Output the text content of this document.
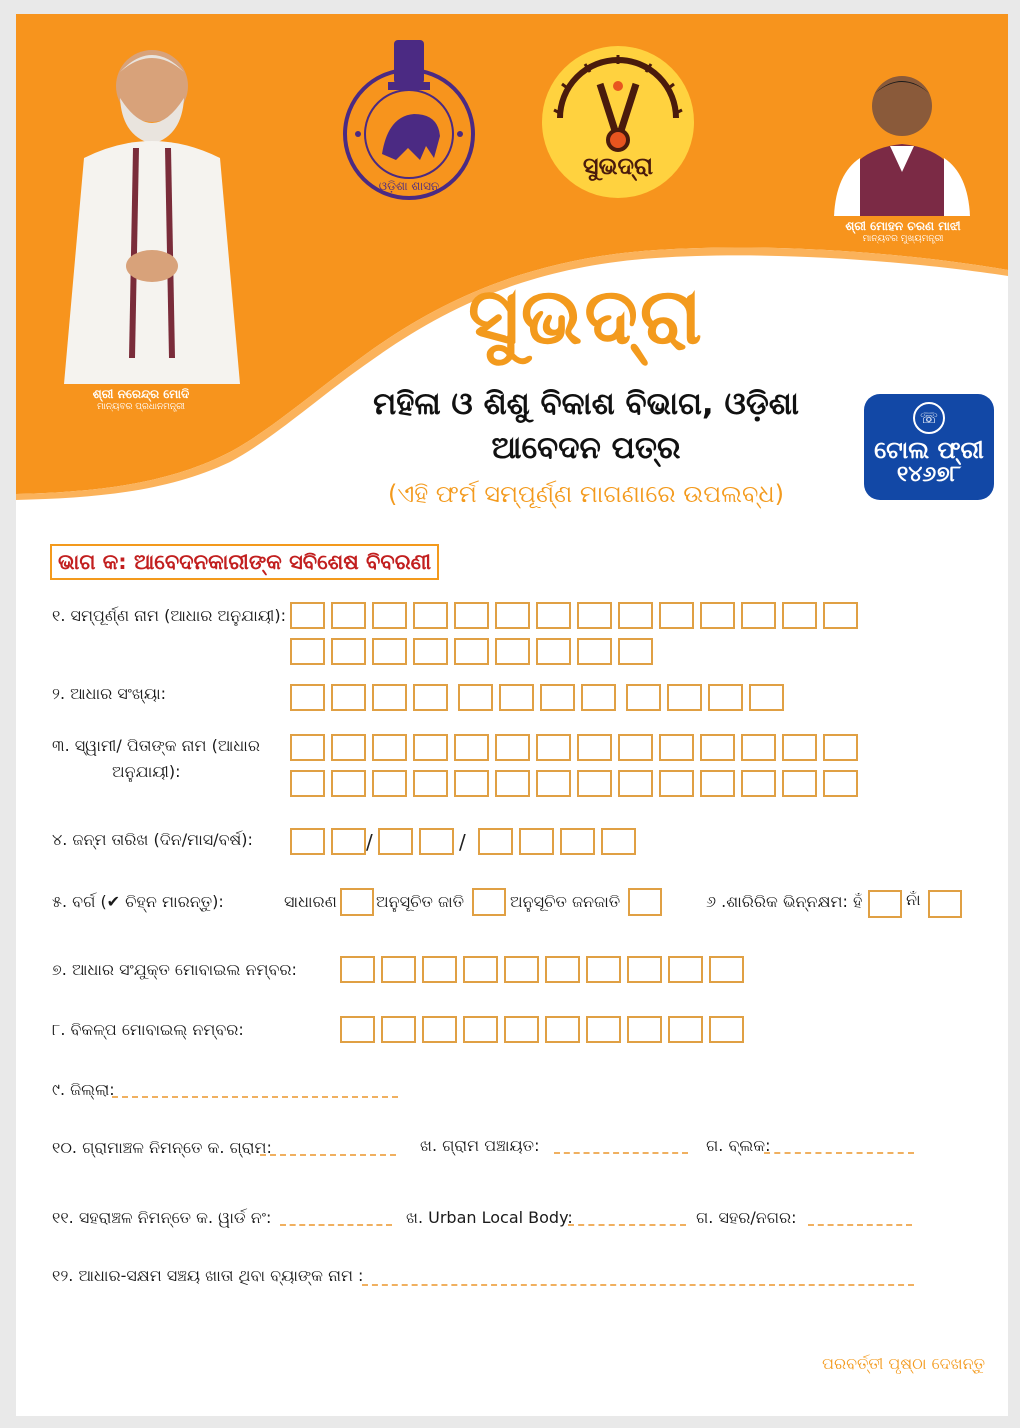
ଶ୍ରୀ ନରେନ୍ଦ୍ର ମୋଦି
ମାନ୍ୟବର ପ୍ରଧାନମନ୍ତ୍ରୀ
ଓଡ଼ିଶା ଶାସନ
ସୁଭଦ୍ରା
ଶ୍ରୀ ମୋହନ ଚରଣ ମାଝୀ
ମାନ୍ୟବର ମୁଖ୍ୟମନ୍ତ୍ରୀ
ସୁଭଦ୍ରା
ମହିଳା ଓ ଶିଶୁ ବିକାଶ ବିଭାଗ, ଓଡ଼ିଶା
ଆବେଦନ ପତ୍ର
(ଏହି ଫର୍ମ ସମ୍ପୂର୍ଣ୍ଣ ମାଗଣାରେ ଉପଲବ୍ଧ)
☏
ଟୋଲ ଫ୍ରୀ
୧୪୬୭୮
ଭାଗ କ: ଆବେଦନକାରୀଙ୍କ ସବିଶେଷ ବିବରଣୀ
୧. ସମ୍ପୂର୍ଣ୍ଣ ନାମ (ଆଧାର ଅନୁଯାୟୀ):
୨. ଆଧାର ସଂଖ୍ୟା:
୩. ସ୍ୱାମୀ/ ପିତାଙ୍କ ନାମ (ଆଧାର
ଅନୁଯାୟୀ):
୪. ଜନ୍ମ ତାରିଖ (ଦିନ/ମାସ/ବର୍ଷ):	/	/
୫. ବର୍ଗ (✔ ଚିହ୍ନ ମାରନ୍ତୁ):	ସାଧାରଣ ଅନୁସୂଚିତ ଜାତି	ଅନୁସୂଚିତ ଜନଜାତି	୬ .ଶାରିରିକ ଭିନ୍ନକ୍ଷମ: ହଁ	ନାଁ
୭. ଆଧାର ସଂଯୁକ୍ତ ମୋବାଇଲ ନମ୍ବର:
୮. ବିକଳ୍ପ ମୋବାଇଲ୍ ନମ୍ବର:
୯. ଜିଲ୍ଲା:
୧୦. ଗ୍ରାମାଞ୍ଚଳ ନିମନ୍ତେ କ. ଗ୍ରାମ:	ଖ. ଗ୍ରାମ ପଞ୍ଚାୟତ:	ଗ. ବ୍ଲକ:
୧୧. ସହରାଞ୍ଚଳ ନିମନ୍ତେ କ. ୱାର୍ଡ ନଂ:	ଖ. Urban Local Body:	ଗ. ସହର/ନଗର:
୧୨. ଆଧାର-ସକ୍ଷମ ସଞ୍ଚୟ ଖାତା ଥିବା ବ୍ୟାଙ୍କ ନାମ :
ପରବର୍ତ୍ତୀ ପୃଷ୍ଠା ଦେଖନ୍ତୁ
